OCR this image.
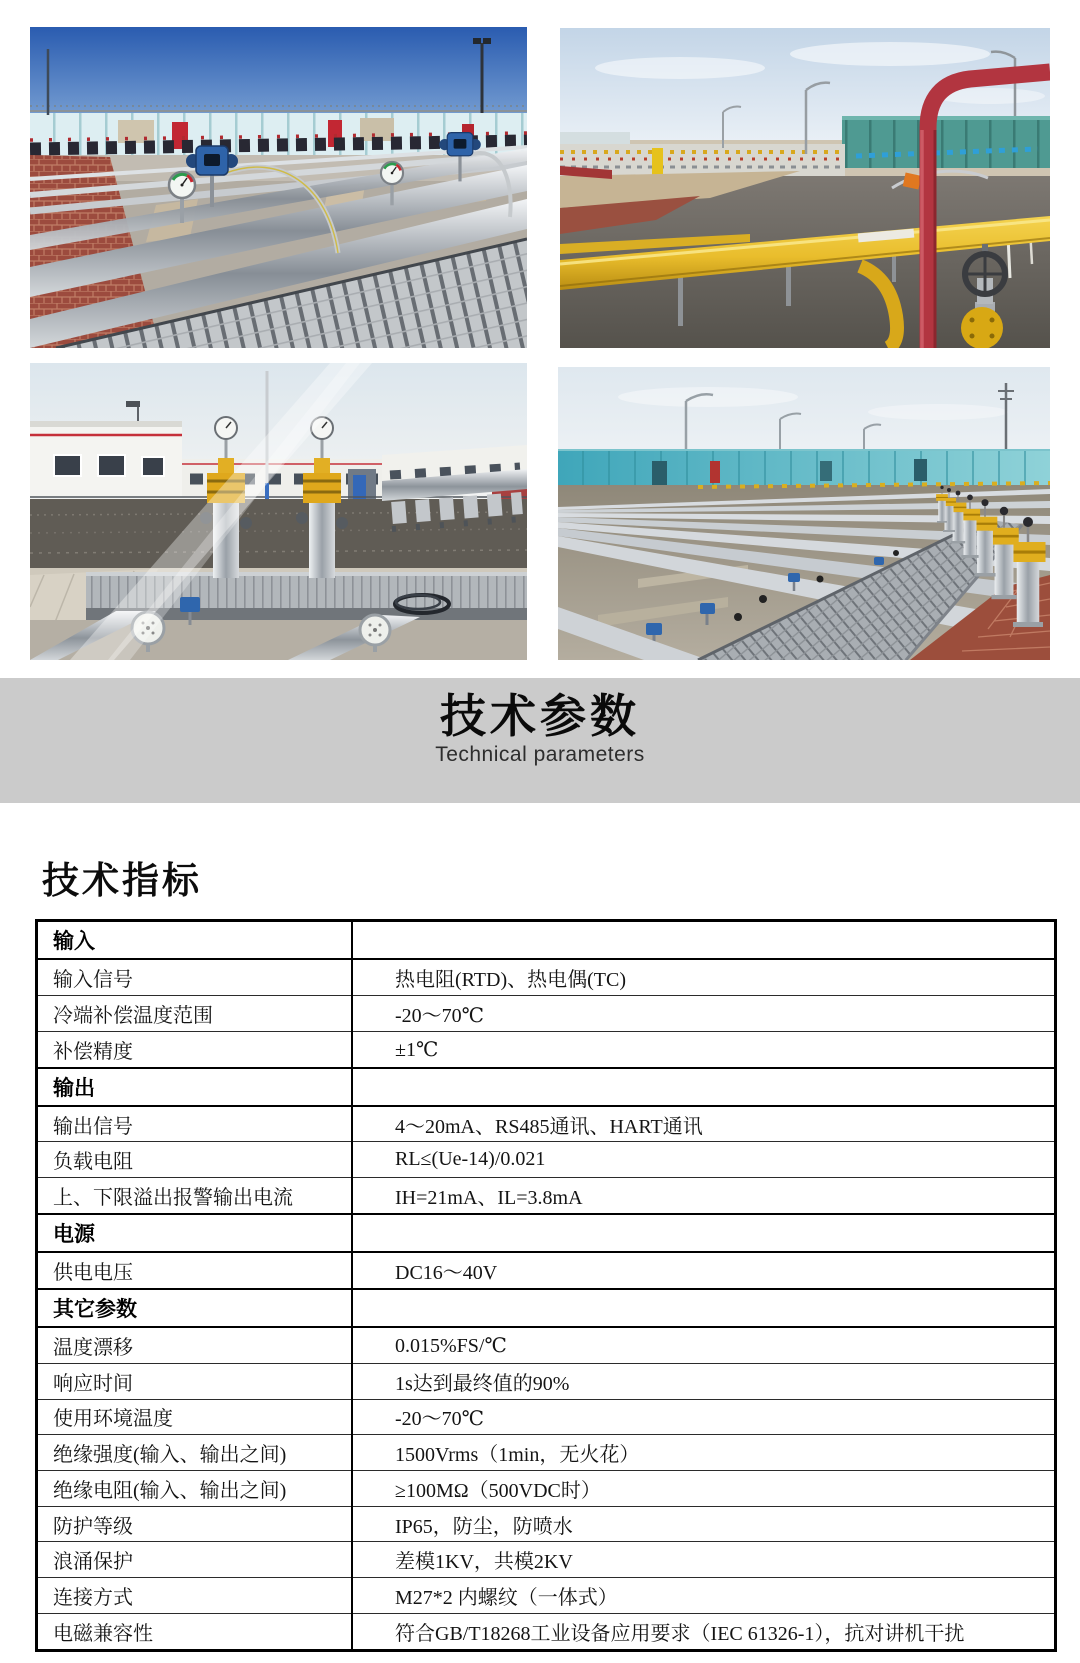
技术参数
Technical parameters
技术指标
输入	
输入信号	热电阻(RTD)、热电偶(TC)
冷端补偿温度范围	-20～70℃
补偿精度	±1℃
输出	
输出信号	4～20mA、RS485通讯、HART通讯
负载电阻	RL≤(Ue-14)/0.021
上、下限溢出报警输出电流	IH=21mA、IL=3.8mA
电源	
供电电压	DC16～40V
其它参数	
温度漂移	0.015%FS/℃
响应时间	1s达到最终值的90%
使用环境温度	-20～70℃
绝缘强度(输入、输出之间)	1500Vrms（1min，无火花）
绝缘电阻(输入、输出之间)	≥100MΩ（500VDC时）
防护等级	IP65，防尘，防喷水
浪涌保护	差模1KV，共模2KV
连接方式	M27*2 内螺纹（一体式）
电磁兼容性	符合GB/T18268工业设备应用要求（IEC 61326-1），抗对讲机干扰
